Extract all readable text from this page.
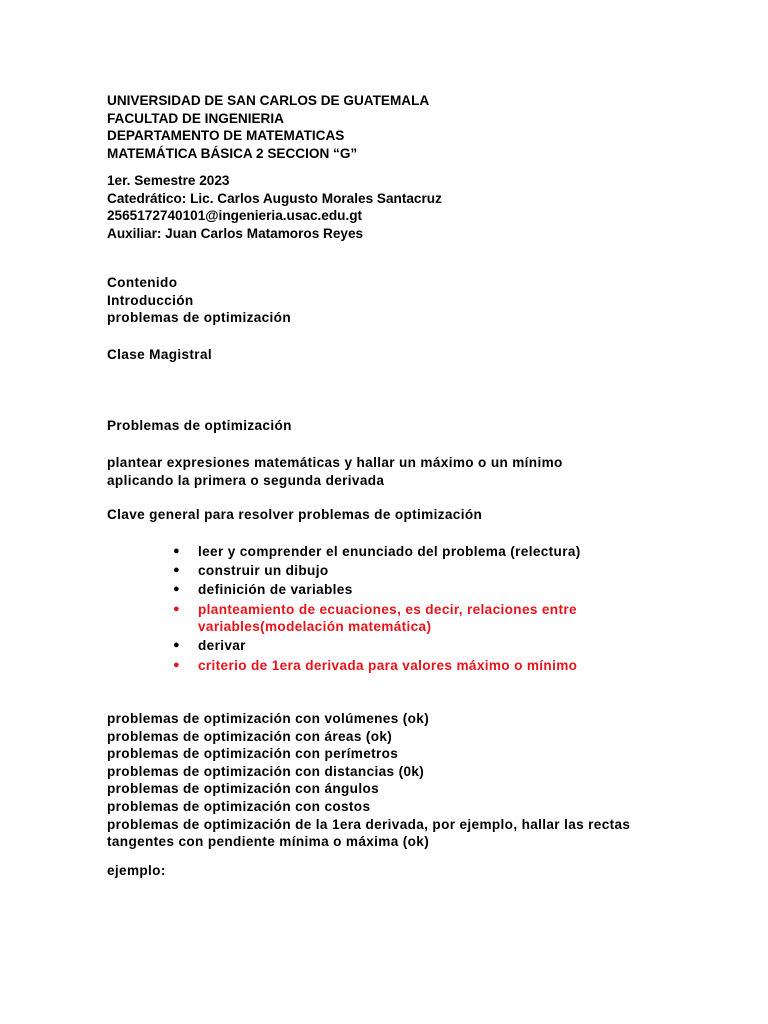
UNIVERSIDAD DE SAN CARLOS DE GUATEMALA
FACULTAD DE INGENIERIA
DEPARTAMENTO DE MATEMATICAS
MATEMÁTICA BÁSICA 2 SECCION “G”
1er. Semestre 2023
Catedrático: Lic. Carlos Augusto Morales Santacruz
2565172740101@ingenieria.usac.edu.gt
Auxiliar: Juan Carlos Matamoros Reyes
Contenido
Introducción
problemas de optimización
Clase Magistral
Problemas de optimización
plantear expresiones matemáticas y hallar un máximo o un mínimo
aplicando la primera o segunda derivada
Clave general para resolver problemas de optimización
● leer y comprender el enunciado del problema (relectura)
● construir un dibujo
● definición de variables
● planteamiento de ecuaciones, es decir, relaciones entre
variables(modelación matemática)
● derivar
● criterio de 1era derivada para valores máximo o mínimo
problemas de optimización con volúmenes (ok)
problemas de optimización con áreas (ok)
problemas de optimización con perímetros
problemas de optimización con distancias (0k)
problemas de optimización con ángulos
problemas de optimización con costos
problemas de optimización de la 1era derivada, por ejemplo, hallar las rectas
tangentes con pendiente mínima o máxima (ok)
ejemplo:
